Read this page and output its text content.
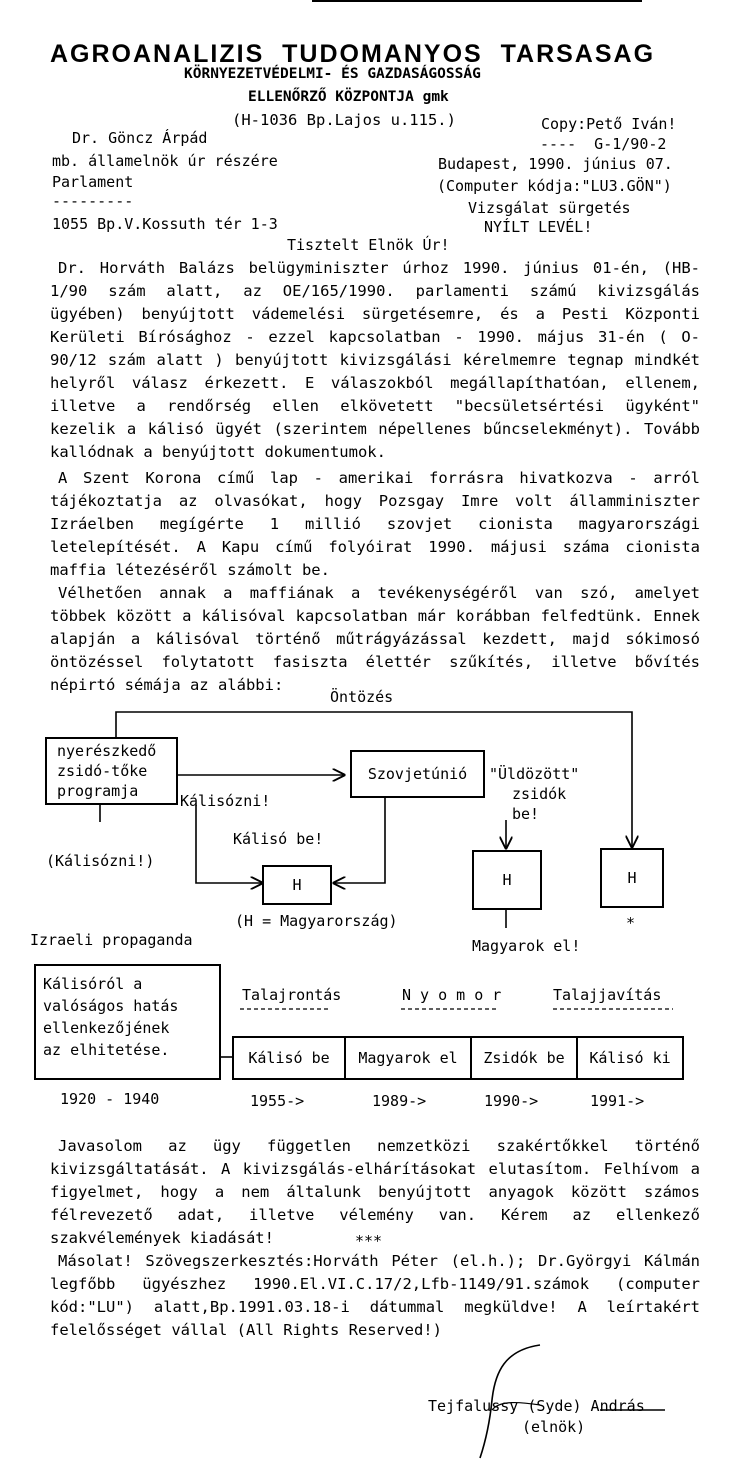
AGROANALIZIS  TUDOMANYOS  TARSASAG
KÖRNYEZETVÉDELMI- ÉS GAZDASÁGOSSÁG
ELLENŐRZŐ KÖZPONTJA gmk
(H-1036 Bp.Lajos u.115.)	Copy:Pető Iván!
----  G-1/90-2
Dr. Göncz Árpád
mb. államelnök úr részére
Parlament
---------
1055 Bp.V.Kossuth tér 1-3
Budapest, 1990. június 07.
(Computer kódja:"LU3.GÖN")
Vizsgálat sürgetés
NYÍLT LEVÉL!
Tisztelt Elnök Úr!
Dr. Horváth Balázs belügyminiszter úrhoz 1990. június 01-én, (HB-1/90 szám alatt, az OE/165/1990. parlamenti számú kivizsgálás ügyében) benyújtott vádemelési sürgetésemre, és a Pesti Központi Kerületi Bírósághoz - ezzel kapcsolatban - 1990. május 31-én ( O-90/12 szám alatt ) benyújtott kivizsgálási kérelmemre tegnap mindkét helyről válasz érkezett. E válaszokból megállapíthatóan, ellenem, illetve a rendőrség ellen elkövetett "becsületsértési ügyként" kezelik a kálisó ügyét (szerintem népellenes bűncselekményt). Tovább kallódnak a benyújtott dokumentumok.
A Szent Korona című lap - amerikai forrásra hivatkozva - arról tájékoztatja az olvasókat, hogy Pozsgay Imre volt államminiszter Izráelben megígérte 1 millió szovjet cionista magyarországi letelepítését. A Kapu című folyóirat 1990. májusi száma cionista maffia létezéséről számolt be.
Vélhetően annak a maffiának a tevékenységéről van szó, amelyet többek között a kálisóval kapcsolatban már korábban felfedtünk. Ennek alapján a kálisóval történő műtrágyázással kezdett, majd sókimosó öntözéssel folytatott fasiszta élettér szűkítés, illetve bővítés népirtó sémája az alábbi:
Öntözés
nyerészkedő
zsidó-tőke
programja
Kálisózni!
Szovjetúnió "Üldözött"
zsidók
be!
Kálisó be!
(Kálisózni!)
H	H	H
*
(H = Magyarország)
Magyarok el!
Izraeli propaganda
Kálisóról a
valóságos hatás
ellenkezőjének
az elhitetése.
Talajrontás	N y o m o r	Talajjavítás
Kálisó be	Magyarok el	Zsidók be	Kálisó ki
1920 - 1940	1955->	1989->	1990->	1991->
Javasolom az ügy független nemzetközi szakértőkkel történő kivizsgáltatását. A kivizsgálás-elhárításokat elutasítom. Felhívom a figyelmet, hogy a nem általunk benyújtott anyagok között számos félrevezető adat, illetve vélemény van. Kérem az ellenkező szakvélemények kiadását!	***
Másolat! Szövegszerkesztés:Horváth Péter (el.h.); Dr.Györgyi Kálmán legfőbb ügyészhez 1990.El.VI.C.17/2,Lfb-1149/91.számok (computer kód:"LU") alatt,Bp.1991.03.18-i dátummal megküldve! A leírtakért felelősséget vállal (All Rights Reserved!)
Tejfalussy (Syde) András
(elnök)
